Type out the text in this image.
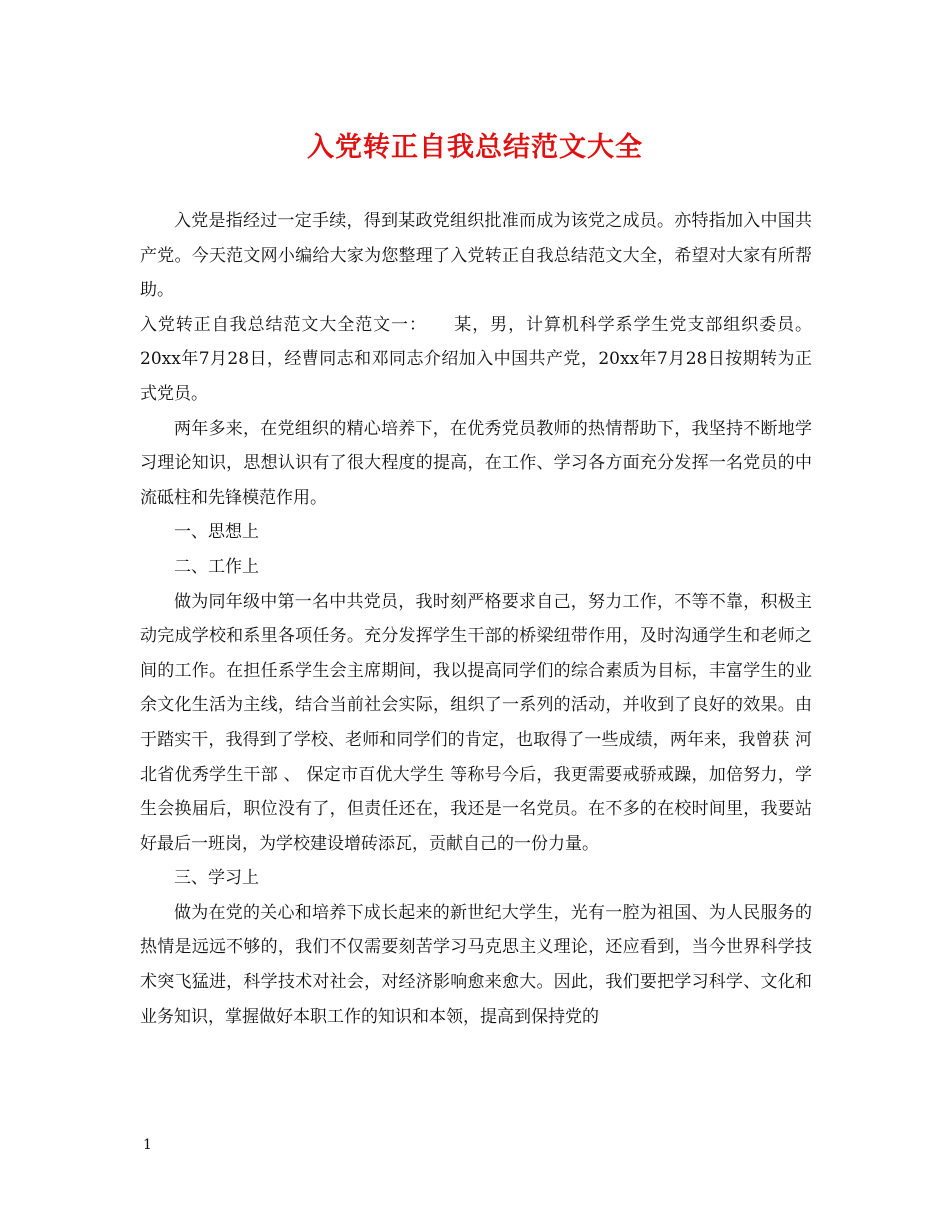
入党转正自我总结范文大全

入党是指经过一定手续，得到某政党组织批准而成为该党之成员。亦特指加入中国共产党。今天范文网小编给大家为您整理了入党转正自我总结范文大全，希望对大家有所帮助。

入党转正自我总结范文大全范文一：　　某，男，计算机科学系学生党支部组织委员。20xx年7月28日，经曹同志和邓同志介绍加入中国共产党，20xx年7月28日按期转为正式党员。

两年多来，在党组织的精心培养下，在优秀党员教师的热情帮助下，我坚持不断地学习理论知识，思想认识有了很大程度的提高，在工作、学习各方面充分发挥一名党员的中流砥柱和先锋模范作用。

一、思想上

二、工作上

做为同年级中第一名中共党员，我时刻严格要求自己，努力工作，不等不靠，积极主动完成学校和系里各项任务。充分发挥学生干部的桥梁纽带作用，及时沟通学生和老师之间的工作。在担任系学生会主席期间，我以提高同学们的综合素质为目标，丰富学生的业余文化生活为主线，结合当前社会实际，组织了一系列的活动，并收到了良好的效果。由于踏实干，我得到了学校、老师和同学们的肯定，也取得了一些成绩，两年来，我曾获 河北省优秀学生干部 、 保定市百优大学生 等称号今后，我更需要戒骄戒躁，加倍努力，学生会换届后，职位没有了，但责任还在，我还是一名党员。在不多的在校时间里，我要站好最后一班岗，为学校建设增砖添瓦，贡献自己的一份力量。

三、学习上

做为在党的关心和培养下成长起来的新世纪大学生，光有一腔为祖国、为人民服务的热情是远远不够的，我们不仅需要刻苦学习马克思主义理论，还应看到，当今世界科学技术突飞猛进，科学技术对社会，对经济影响愈来愈大。因此，我们要把学习科学、文化和业务知识，掌握做好本职工作的知识和本领，提高到保持党的

1
